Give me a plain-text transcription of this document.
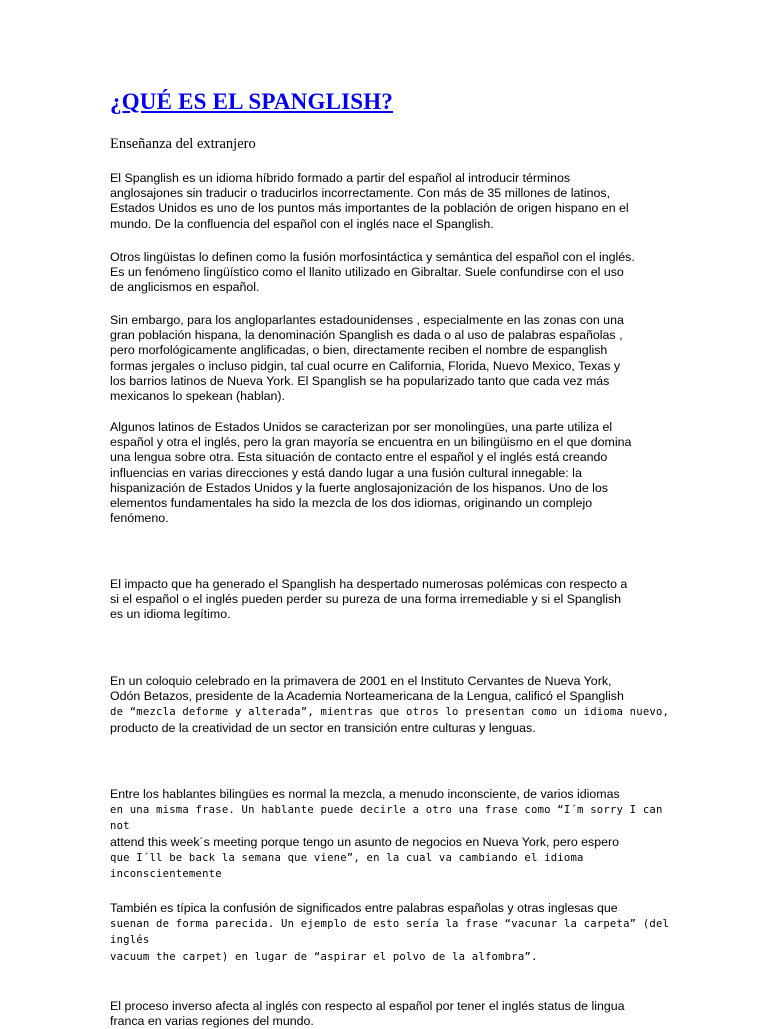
¿QUÉ ES EL SPANGLISH?

Enseñanza del extranjero

El Spanglish es un idioma híbrido formado a partir del español al introducir términos
anglosajones sin traducir o traducirlos incorrectamente. Con más de 35 millones de latinos,
Estados Unidos es uno de los puntos más importantes de la población de origen hispano en el
mundo. De la confluencia del español con el inglés nace el Spanglish.

Otros lingüistas lo definen como la fusión morfosintáctica y semántica del español con el inglés.
Es un fenómeno lingüístico como el llanito utilizado en Gibraltar. Suele confundirse con el uso
de anglicismos en español.

Sin embargo, para los angloparlantes estadounidenses , especialmente en las zonas con una
gran población hispana, la denominación Spanglish es dada o al uso de palabras españolas ,
pero morfológicamente anglificadas, o bien, directamente reciben el nombre de espanglish
formas jergales o incluso pidgin, tal cual ocurre en California, Florida, Nuevo Mexico, Texas y
los barrios latinos de Nueva York. El Spanglish se ha popularizado tanto que cada vez más
mexicanos lo spekean (hablan).

Algunos latinos de Estados Unidos se caracterizan por ser monolingües, una parte utiliza el
español y otra el inglés, pero la gran mayoría se encuentra en un bilingüismo en el que domina
una lengua sobre otra. Esta situación de contacto entre el español y el inglés está creando
influencias en varias direcciones y está dando lugar a una fusión cultural innegable: la
hispanización de Estados Unidos y la fuerte anglosajonización de los hispanos. Uno de los
elementos fundamentales ha sido la mezcla de los dos idiomas, originando un complejo
fenómeno.

El impacto que ha generado el Spanglish ha despertado numerosas polémicas con respecto a
si el español o el inglés pueden perder su pureza de una forma irremediable y si el Spanglish
es un idioma legítimo.

En un coloquio celebrado en la primavera de 2001 en el Instituto Cervantes de Nueva York,
Odón Betazos, presidente de la Academia Norteamericana de la Lengua, calificó el Spanglish
de “mezcla deforme y alterada”, mientras que otros lo presentan como un idioma nuevo,
producto de la creatividad de un sector en transición entre culturas y lenguas.

Entre los hablantes bilingües es normal la mezcla, a menudo inconsciente, de varios idiomas
en una misma frase. Un hablante puede decirle a otro una frase como “I´m sorry I can not
attend this week´s meeting porque tengo un asunto de negocios en Nueva York, pero espero
que I´ll be back la semana que viene”, en la cual va cambiando el idioma inconscientemente

También es típica la confusión de significados entre palabras españolas y otras inglesas que
suenan de forma parecida. Un ejemplo de esto sería la frase “vacunar la carpeta” (del inglés
vacuum the carpet) en lugar de “aspirar el polvo de la alfombra”.

El proceso inverso afecta al inglés con respecto al español por tener el inglés status de lingua
franca en varias regiones del mundo.
